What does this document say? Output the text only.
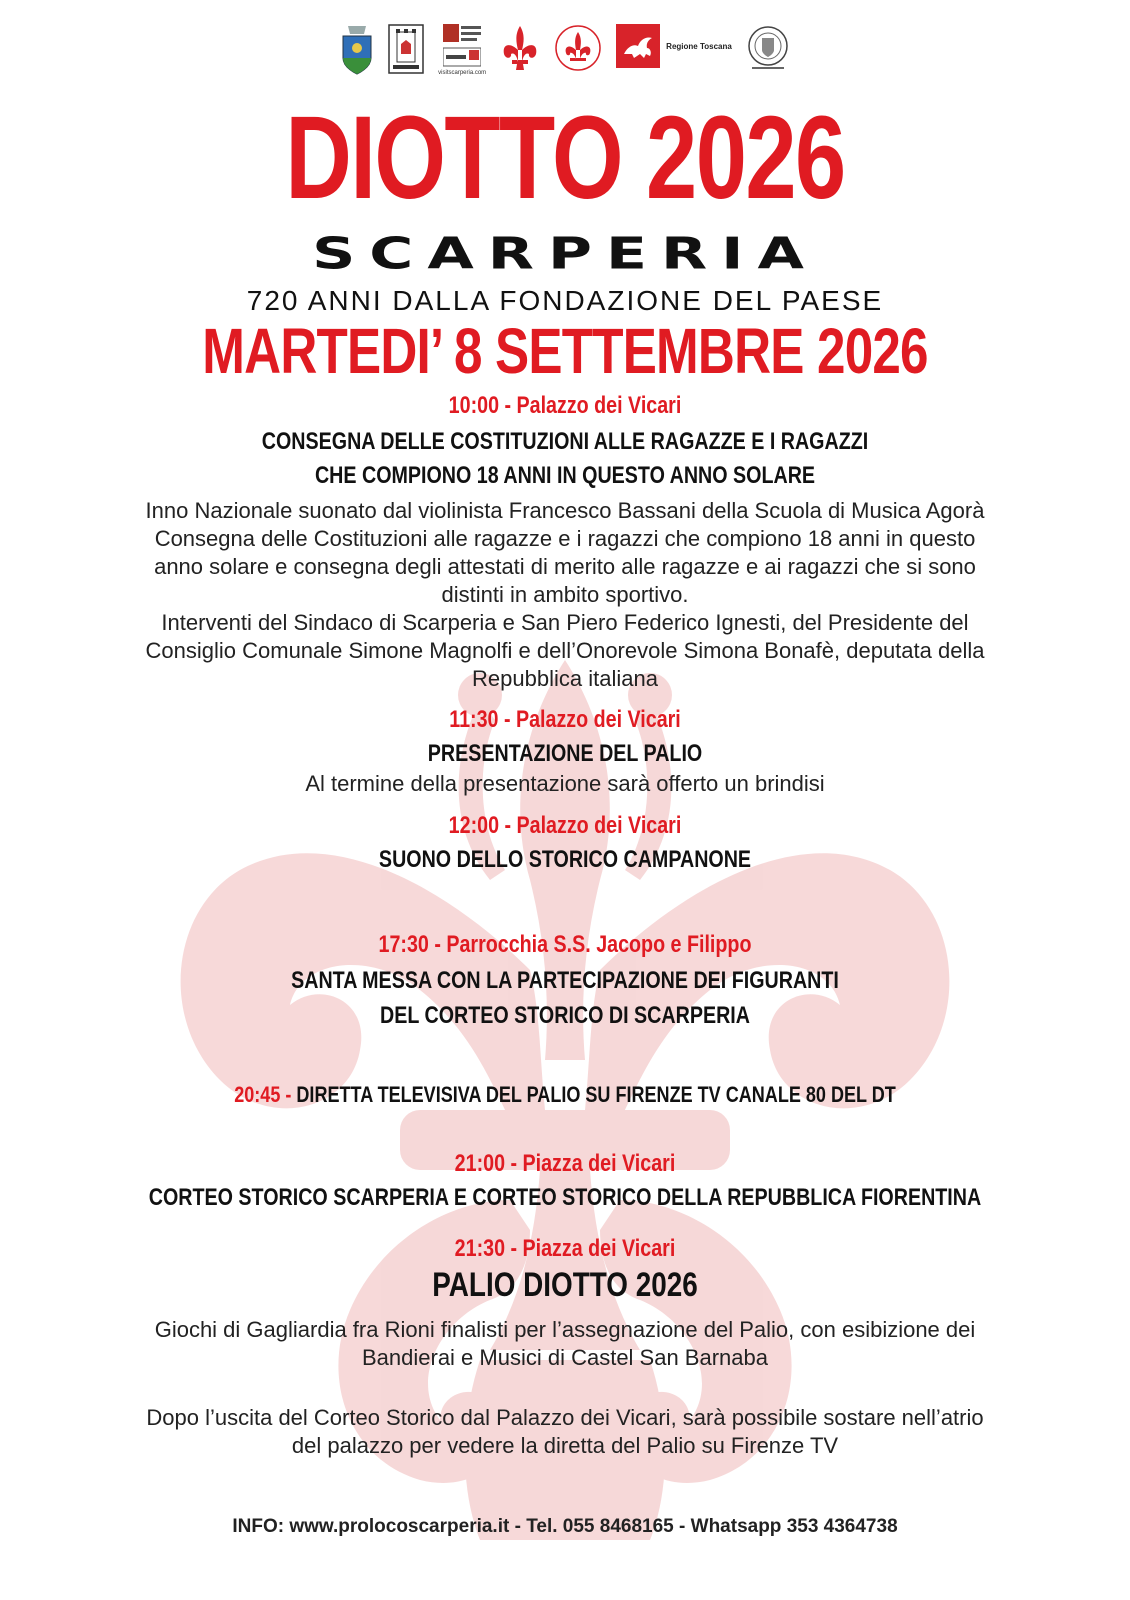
visitscarperia.com
Regione Toscana
DIOTTO 2026
SCARPERIA
720 ANNI DALLA FONDAZIONE DEL PAESE
MARTEDI’ 8 SETTEMBRE 2026
10:00 - Palazzo dei Vicari
CONSEGNA DELLE COSTITUZIONI ALLE RAGAZZE E I RAGAZZI
CHE COMPIONO 18 ANNI IN QUESTO ANNO SOLARE
Inno Nazionale suonato dal violinista Francesco Bassani della Scuola di Musica Agorà
Consegna delle Costituzioni alle ragazze e i ragazzi che compiono 18 anni in questo
anno solare e consegna degli attestati di merito alle ragazze e ai ragazzi che si sono
distinti in ambito sportivo.
Interventi del Sindaco di Scarperia e San Piero Federico Ignesti, del Presidente del
Consiglio Comunale Simone Magnolfi e dell’Onorevole Simona Bonafè, deputata della
Repubblica italiana
11:30 - Palazzo dei Vicari
PRESENTAZIONE DEL PALIO
Al termine della presentazione sarà offerto un brindisi
12:00 - Palazzo dei Vicari
SUONO DELLO STORICO CAMPANONE
17:30 - Parrocchia S.S. Jacopo e Filippo
SANTA MESSA CON LA PARTECIPAZIONE DEI FIGURANTI
DEL CORTEO STORICO DI SCARPERIA
20:45 - DIRETTA TELEVISIVA DEL PALIO SU FIRENZE TV CANALE 80 DEL DT
21:00 - Piazza dei Vicari
CORTEO STORICO SCARPERIA E CORTEO STORICO DELLA REPUBBLICA FIORENTINA
21:30 - Piazza dei Vicari
PALIO DIOTTO 2026
Giochi di Gagliardia fra Rioni finalisti per l’assegnazione del Palio, con esibizione dei
Bandierai e Musici di Castel San Barnaba
Dopo l’uscita del Corteo Storico dal Palazzo dei Vicari, sarà possibile sostare nell’atrio
del palazzo per vedere la diretta del Palio su Firenze TV
INFO: www.prolocoscarperia.it - Tel. 055 8468165 - Whatsapp 353 4364738
